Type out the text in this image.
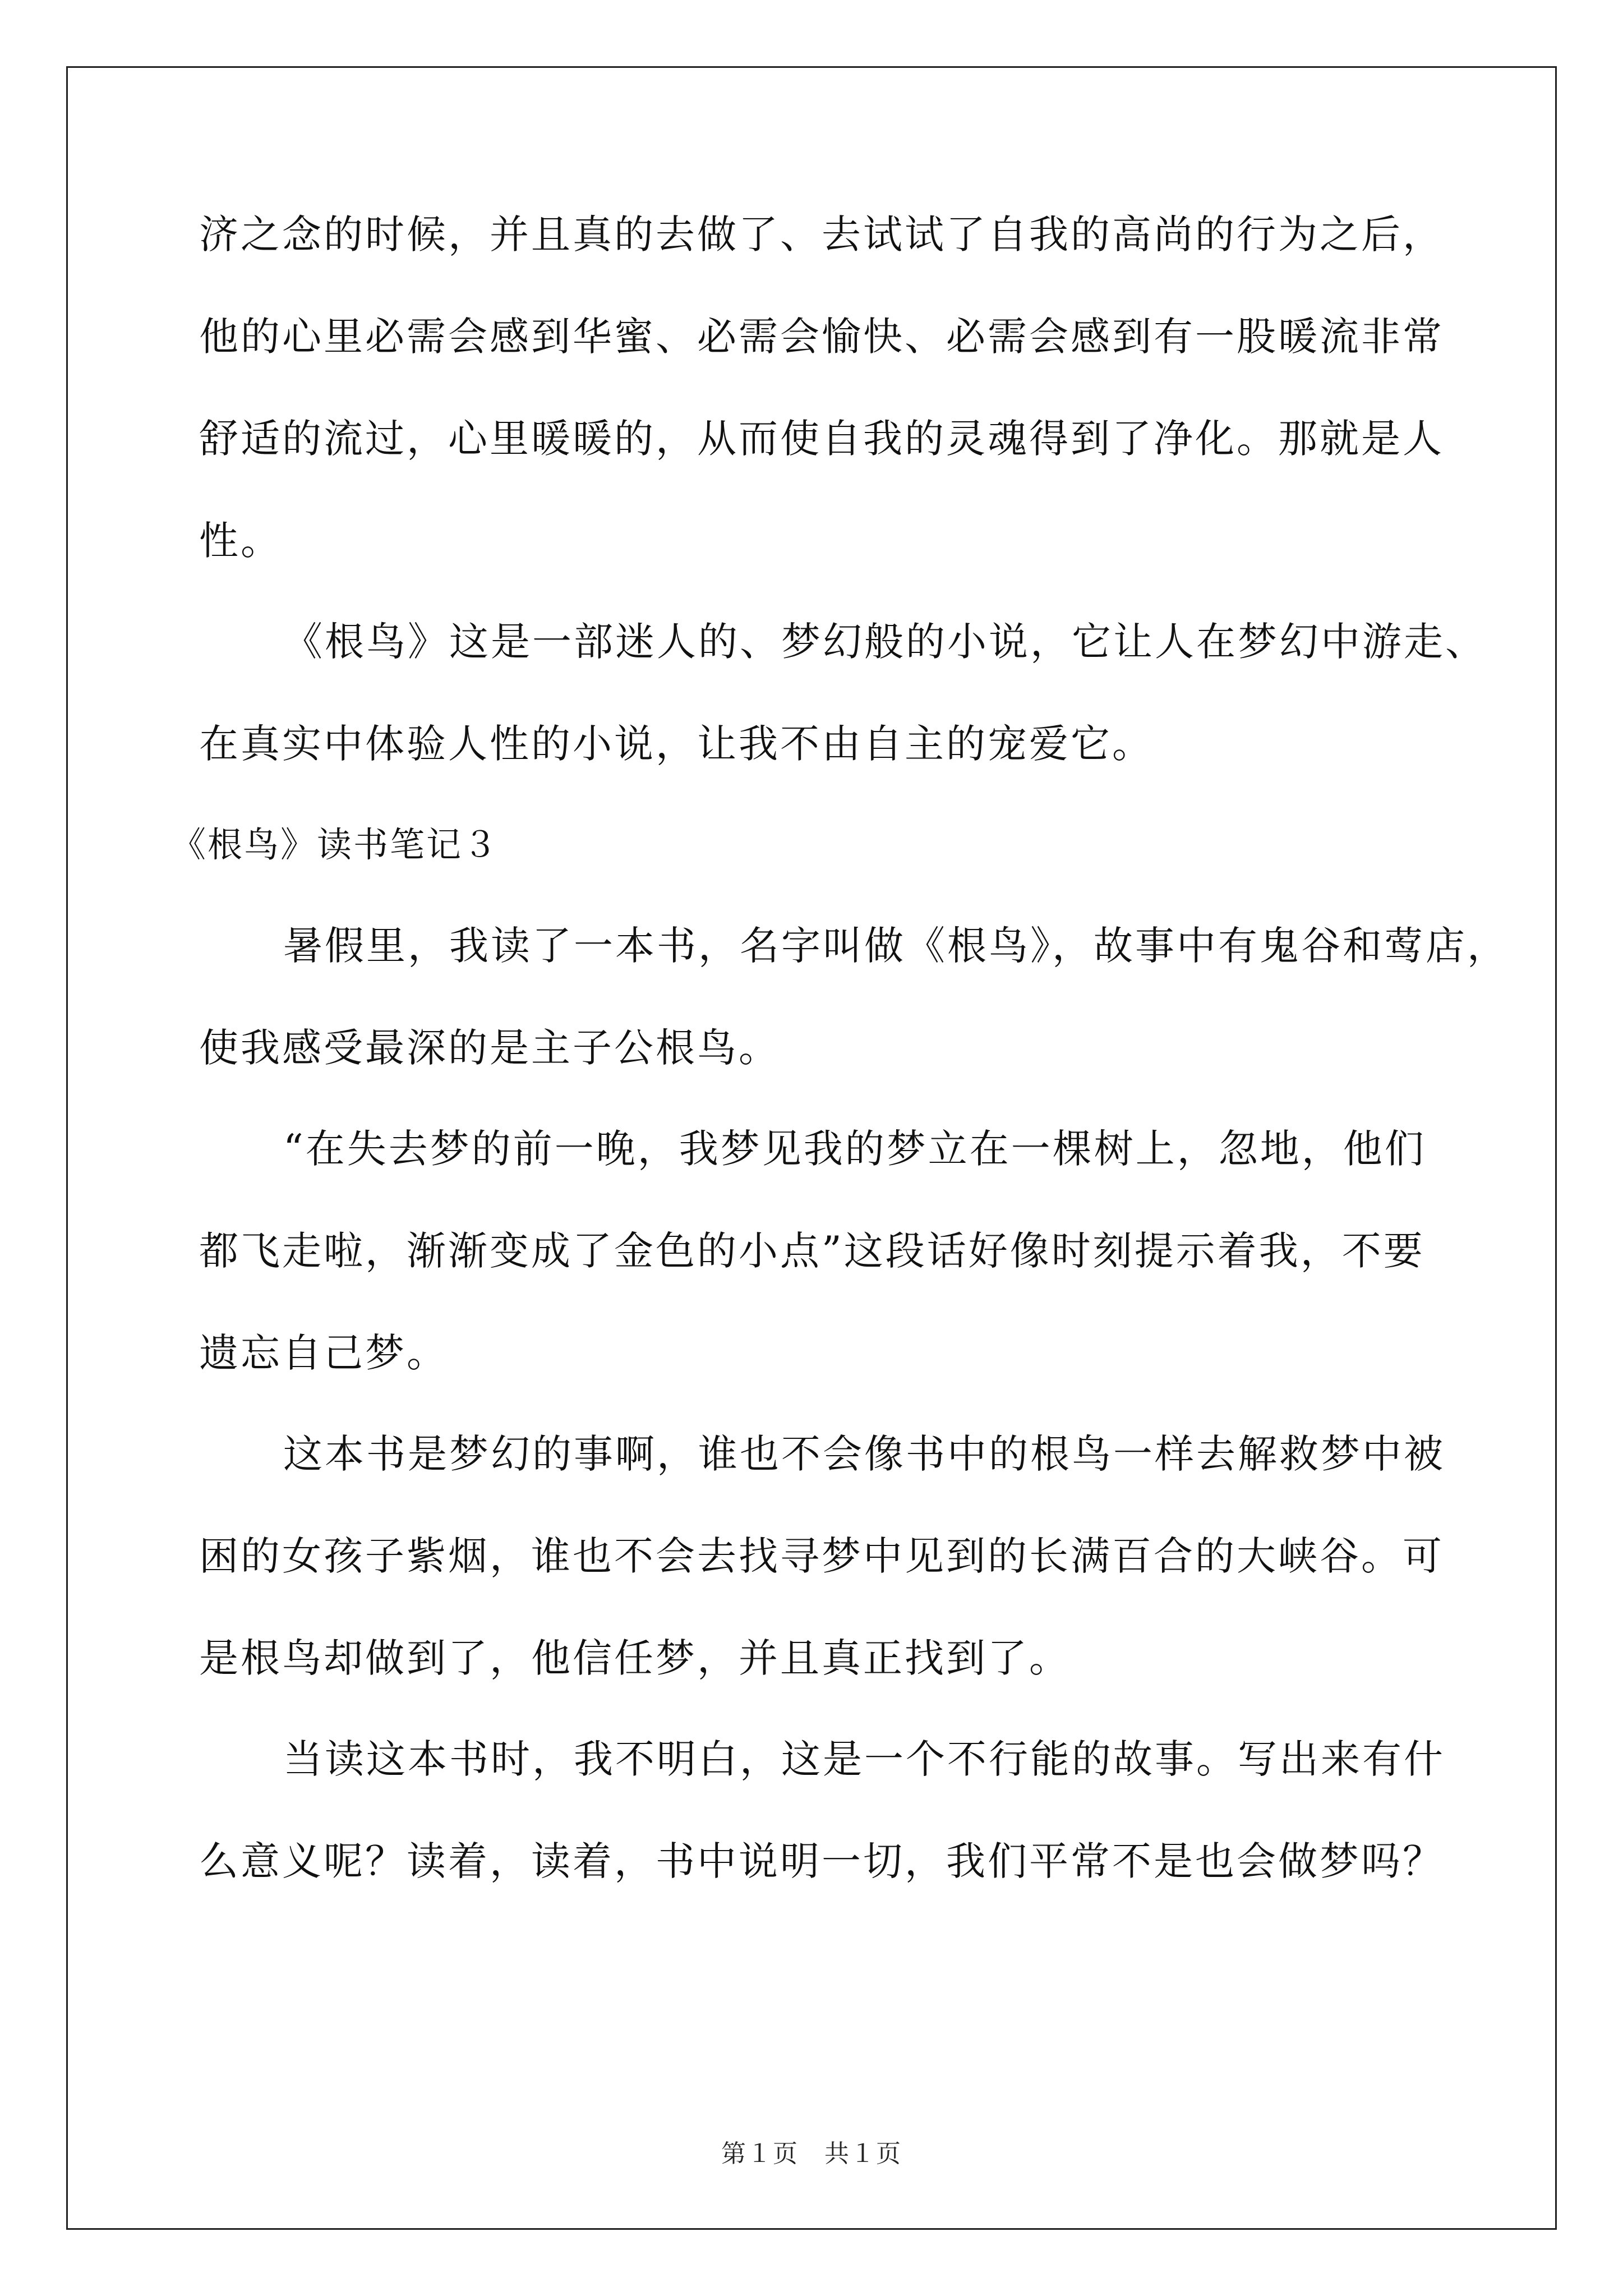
济之念的时候，并且真的去做了、去试试了自我的高尚的行为之后，

他的心里必需会感到华蜜、必需会愉快、必需会感到有一股暖流非常

舒适的流过，心里暖暖的，从而使自我的灵魂得到了净化。那就是人

性。

《根鸟》这是一部迷人的、梦幻般的小说，它让人在梦幻中游走、

在真实中体验人性的小说，让我不由自主的宠爱它。

《根鸟》读书笔记３

暑假里，我读了一本书，名字叫做《根鸟》，故事中有鬼谷和莺店，

使我感受最深的是主子公根鸟。

“在失去梦的前一晚，我梦见我的梦立在一棵树上，忽地，他们

都飞走啦，渐渐变成了金色的小点”这段话好像时刻提示着我，不要

遗忘自己梦。

这本书是梦幻的事啊，谁也不会像书中的根鸟一样去解救梦中被

困的女孩子紫烟，谁也不会去找寻梦中见到的长满百合的大峡谷。可

是根鸟却做到了，他信任梦，并且真正找到了。

当读这本书时，我不明白，这是一个不行能的故事。写出来有什

么意义呢？读着，读着，书中说明一切，我们平常不是也会做梦吗？

第１页　共１页
